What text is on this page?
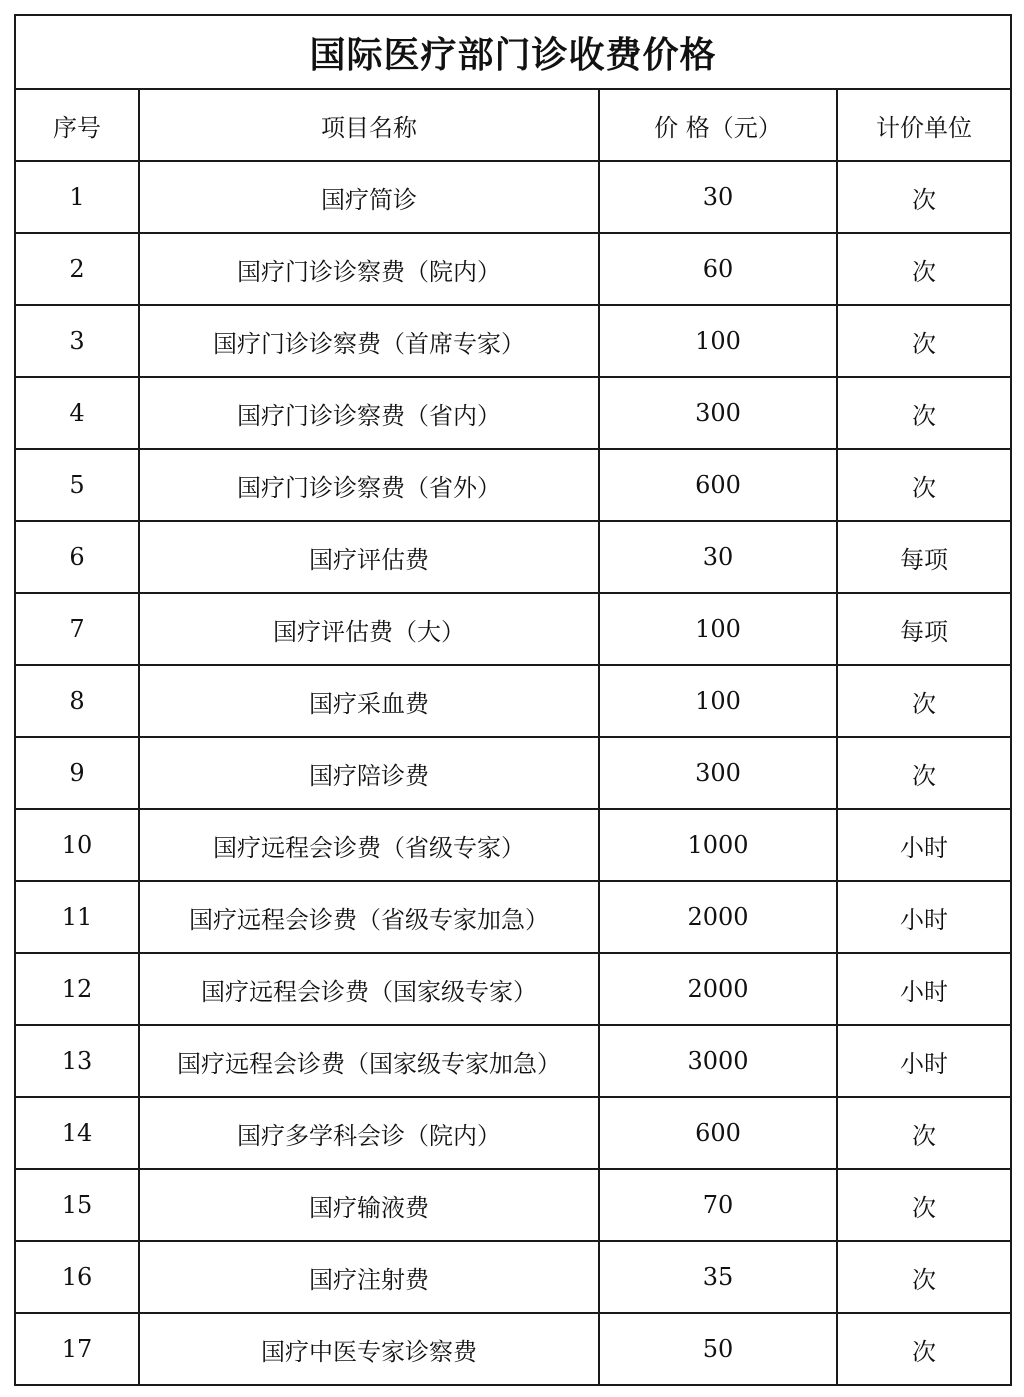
国际医疗部门诊收费价格			
序号	项目名称	价 格（元）	计价单位
1	国疗简诊	30	次
2	国疗门诊诊察费（院内）	60	次
3	国疗门诊诊察费（首席专家）	100	次
4	国疗门诊诊察费（省内）	300	次
5	国疗门诊诊察费（省外）	600	次
6	国疗评估费	30	每项
7	国疗评估费（大）	100	每项
8	国疗采血费	100	次
9	国疗陪诊费	300	次
10	国疗远程会诊费（省级专家）	1000	小时
11	国疗远程会诊费（省级专家加急）	2000	小时
12	国疗远程会诊费（国家级专家）	2000	小时
13	国疗远程会诊费（国家级专家加急）	3000	小时
14	国疗多学科会诊（院内）	600	次
15	国疗输液费	70	次
16	国疗注射费	35	次
17	国疗中医专家诊察费	50	次
